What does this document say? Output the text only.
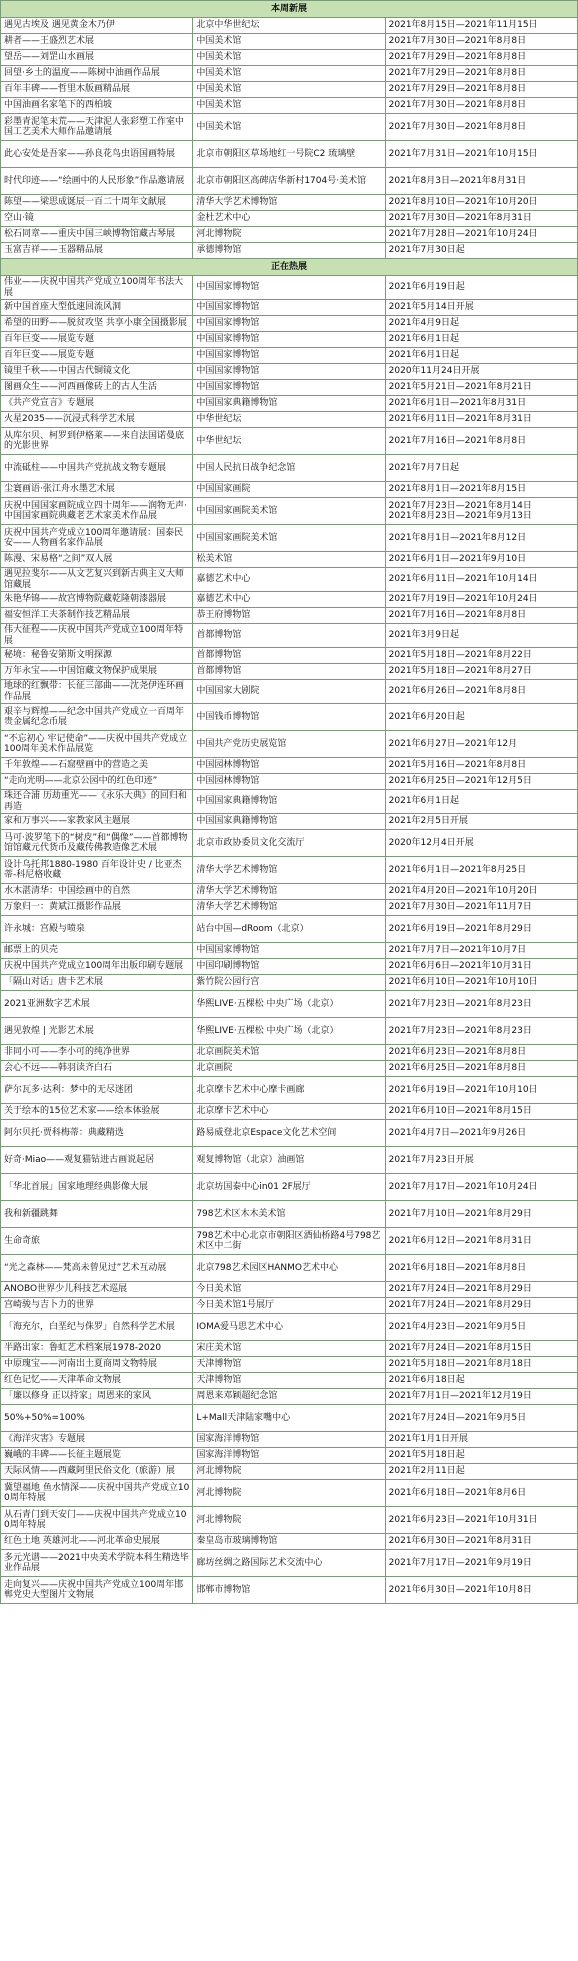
本周新展		
遇见古埃及 遇见黄金木乃伊	北京中华世纪坛	2021年8月15日—2021年11月15日
耕者——王盛烈艺术展	中国美术馆	2021年7月30日—2021年8月8日
望岳——刘罡山水画展	中国美术馆	2021年7月29日—2021年8月8日
回望·乡土的温度——陈树中油画作品展	中国美术馆	2021年7月29日—2021年8月8日
百年丰碑——哲里木版画精品展	中国美术馆	2021年7月29日—2021年8月8日
中国油画名家笔下的西柏坡	中国美术馆	2021年7月30日—2021年8月8日
彩墨青泥笔未荒——天津泥人张彩塑工作室中国工艺美术大师作品邀请展	中国美术馆	2021年7月30日—2021年8月8日
此心安处是吾家——孙良花鸟虫语国画特展	北京市朝阳区草场地红一号院C2 琉璃壁	2021年7月31日—2021年10月15日
时代印迹——“绘画中的人民形象”作品邀请展	北京市朝阳区高碑店华新村1704号·美术馆	2021年8月3日—2021年8月31日
陈望——梁思成诞辰一百二十周年文献展	清华大学艺术博物馆	2021年8月10日—2021年10月20日
空山·镜	金杜艺术中心	2021年7月30日—2021年8月31日
松石同章——重庆中国三峡博物馆藏古琴展	河北博物院	2021年7月28日—2021年10月24日
玉富吉祥——玉器精品展	承德博物馆	2021年7月30日起
正在热展		
伟业——庆祝中国共产党成立100周年书法大展	中国国家博物馆	2021年6月19日起
新中国首座大型低速回流风洞	中国国家博物馆	2021年5月14日开展
希望的田野——脱贫攻坚 共享小康全国摄影展	中国国家博物馆	2021年4月9日起
百年巨变——展览专题	中国国家博物馆	2021年6月1日起
百年巨变——展览专题	中国国家博物馆	2021年6月1日起
镜里千秋——中国古代铜镜文化	中国国家博物馆	2020年11月24日开展
图画众生——河西画像砖上的古人生活	中国国家博物馆	2021年5月21日—2021年8月21日
《共产党宣言》专题展	中国国家典籍博物馆	2021年6月1日—2021年8月31日
火星2035——沉浸式科学艺术展	中华世纪坛	2021年6月11日—2021年8月31日
从库尔贝、柯罗到伊格莱——来自法国诺曼底的光影世界	中华世纪坛	2021年7月16日—2021年8月8日
中流砥柱——中国共产党抗战文物专题展	中国人民抗日战争纪念馆	2021年7月7日起
尘寰画语·张江舟水墨艺术展	中国国家画院	2021年8月1日—2021年8月15日
庆祝中国国家画院成立四十周年——润物无声·中国国家画院典藏老艺术家美术作品展	中国国家画院美术馆	2021年7月23日—2021年8月14日
2021年8月23日—2021年9月13日
庆祝中国共产党成立100周年邀请展：国泰民安——人物画名家作品展	中国国家画院美术馆	2021年8月1日—2021年8月12日
陈漫、宋易格“之间”双人展	松美术馆	2021年6月1日—2021年9月10日
遇见拉斐尔——从文艺复兴到新古典主义大师馆藏展	嘉德艺术中心	2021年6月11日—2021年10月14日
朱艳华锦——故宫博物院藏乾隆朝漆器展	嘉德艺术中心	2021年7月19日—2021年10月24日
福安恒洋工夫茶制作技艺精品展	恭王府博物馆	2021年7月16日—2021年8月8日
伟大征程——庆祝中国共产党成立100周年特展	首都博物馆	2021年3月9日起
秘境：秘鲁安第斯文明探源	首都博物馆	2021年5月18日—2021年8月22日
万年永宝——中国馆藏文物保护成果展	首都博物馆	2021年5月18日—2021年8月27日
地球的红飘带：长征三部曲——沈尧伊连环画作品展	中国国家大剧院	2021年6月26日—2021年8月8日
艰辛与辉煌——纪念中国共产党成立一百周年贵金属纪念币展	中国钱币博物馆	2021年6月20日起
“不忘初心 牢记使命”——庆祝中国共产党成立100周年美术作品展览	中国共产党历史展览馆	2021年6月27日—2021年12月
千年敦煌——石窟壁画中的营造之美	中国园林博物馆	2021年5月16日—2021年8月8日
“走向光明——北京公园中的红色印迹”	中国园林博物馆	2021年6月25日—2021年12月5日
珠还合浦 历劫重光——《永乐大典》的回归和再造	中国国家典籍博物馆	2021年6月1日起
家和万事兴——家教家风主题展	中国国家典籍博物馆	2021年2月5日开展
马可·波罗笔下的“树皮”和“偶像”——首都博物馆馆藏元代货币及藏传佛教造像艺术展	北京市政协委员文化交流厅	2020年12月4日开展
设计乌托邦1880-1980 百年设计史 / 比亚杰蒂-科尼格收藏	清华大学艺术博物馆	2021年6月1日—2021年8月25日
水木湛清华：中国绘画中的自然	清华大学艺术博物馆	2021年4月20日—2021年10月20日
万象归一：黄斌江摄影作品展	清华大学艺术博物馆	2021年7月30日—2021年11月7日
许永城：宫殿与喷泉	站台中国—dRoom（北京）	2021年6月19日—2021年8月29日
邮票上的贝壳	中国国家博物馆	2021年7月7日—2021年10月7日
庆祝中国共产党成立100周年出版印刷专题展	中国印刷博物馆	2021年6月6日—2021年10月31日
「隔山对话」唐卡艺术展	紫竹院公园行宫	2021年6月10日—2021年10月10日
2021亚洲数字艺术展	华熙LIVE·五棵松 中央广场（北京）	2021年7月23日—2021年8月23日
遇见敦煌 | 光影艺术展	华熙LIVE·五棵松 中央广场（北京）	2021年7月23日—2021年8月23日
非同小可——李小可的纯净世界	北京画院美术馆	2021年6月23日—2021年8月8日
会心不远——韩羽读齐白石	北京画院	2021年6月25日—2021年8月8日
萨尔瓦多·达利：梦中的无尽迷团	北京摩卡艺术中心摩卡画廊	2021年6月19日—2021年10月10日
关于绘本的15位艺术家——绘本体验展	北京摩卡艺术中心	2021年6月10日—2021年8月15日
阿尔贝托·贾科梅蒂：典藏精选	路易威登北京Espace文化艺术空间	2021年4月7日—2021年9月26日
好奇·Miao——观复猫钻进古画说起居	观复博物馆（北京）油画馆	2021年7月23日开展
「华北首展」国家地理经典影像大展	北京坊国泰中心in01 2F展厅	2021年7月17日—2021年10月24日
我和新疆跳舞	798艺术区木木美术馆	2021年7月10日—2021年8月29日
生命奇旅	798艺术中心北京市朝阳区酒仙桥路4号798艺术区中二街	2021年6月12日—2021年8月31日
“光之森林——梵高未曾见过”艺术互动展	北京798艺术园区HANMO艺术中心	2021年6月18日—2021年8月8日
ANOBO世界少儿科技艺术巡展	今日美术馆	2021年7月24日—2021年8月29日
宫崎骏与吉卜力的世界	今日美术馆1号展厅	2021年7月24日—2021年8月29日
「海充尔，白垩纪与侏罗」自然科学艺术展	IOMA爱马思艺术中心	2021年4月23日—2021年9月5日
半路出家：鲁虹艺术档案展1978-2020	宋庄美术馆	2021年7月24日—2021年8月15日
中原瑰宝——河南出土夏商周文物特展	天津博物馆	2021年5月18日—2021年8月18日
红色记忆——天津革命文物展	天津博物馆	2021年6月18日起
「廉以修身 正以持家」周恩来的家风	周恩来邓颖超纪念馆	2021年7月1日—2021年12月19日
50%+50%=100%	L+Mall天津陆家嘴中心	2021年7月24日—2021年9月5日
《海洋灾害》专题展	国家海洋博物馆	2021年1月1日开展
巍峨的丰碑——长征主题展览	国家海洋博物馆	2021年5月18日起
天际风情——西藏阿里民俗文化（旅游）展	河北博物院	2021年2月11日起
冀望福地 鱼水情深——庆祝中国共产党成立100周年特展	河北博物院	2021年6月18日—2021年8月6日
从石青门到天安门——庆祝中国共产党成立100周年特展	河北博物院	2021年6月23日—2021年10月31日
红色土地 英雄河北——河北革命史展展	秦皇岛市玻璃博物馆	2021年6月30日—2021年8月31日
多元光谱——2021中央美术学院本科生精选毕业作品展	廊坊丝绸之路国际艺术交流中心	2021年7月17日—2021年9月19日
走向复兴——庆祝中国共产党成立100周年邯郸党史大型图片文物展	邯郸市博物馆	2021年6月30日—2021年10月8日
